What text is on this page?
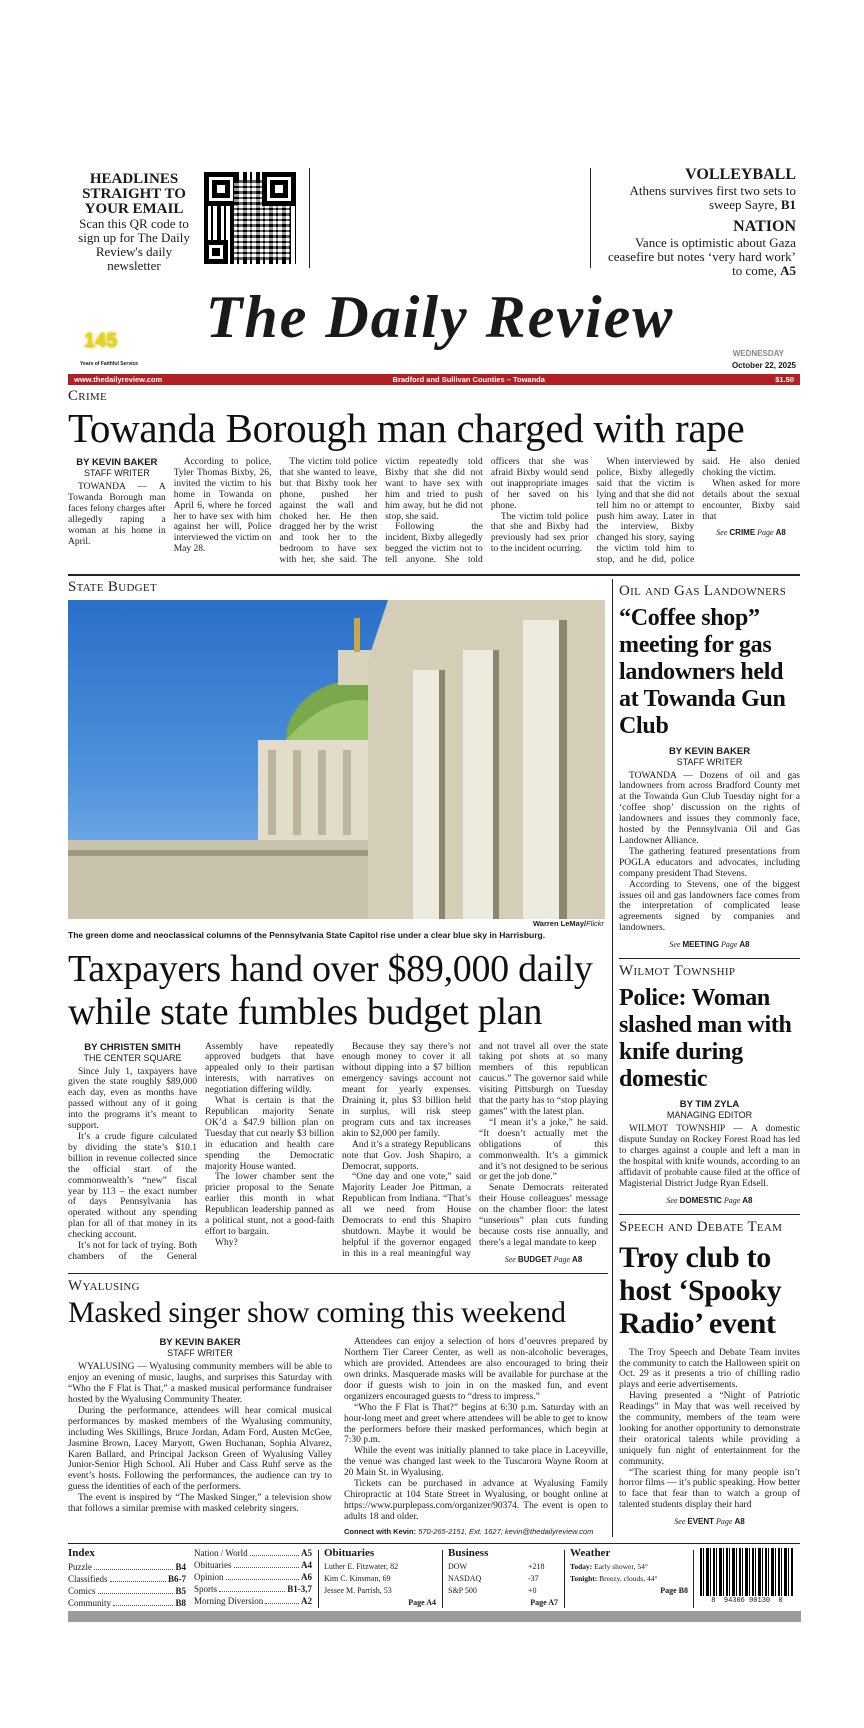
HEADLINES STRAIGHT TO YOUR EMAIL
Scan this QR code to sign up for The Daily Review's daily newsletter
VOLLEYBALL
Athens survives first two sets to sweep Sayre, B1
NATION
Vance is optimistic about Gaza ceasefire but notes ‘very hard work’ to come, A5
145
Years of Faithful Service
The Daily Review
WEDNESDAY
October 22, 2025
www.thedailyreview.com	Bradford and Sullivan Counties – Towanda	$1.50
Crime
Towanda Borough man charged with rape
BY KEVIN BAKER
STAFF WRITER

TOWANDA — A Towanda Borough man faces felony charges after allegedly raping a woman at his home in April.

According to police, Tyler Thomas Bixby, 26, invited the victim to his home in Towanda on April 6, where he forced her to have sex with him against her will, Police interviewed the victim on May 28.

The victim told police that she wanted to leave, but that Bixby took her phone, pushed her against the wall and choked her. He then dragged her by the wrist and took her to the bedroom to have sex with her, she said. The victim repeatedly told Bixby that she did not want to have sex with him and tried to push him away, but he did not stop, she said.

Following the incident, Bixby allegedly begged the victim not to tell anyone. She told officers that she was afraid Bixby would send out inappropriate images of her saved on his phone.

The victim told police that she and Bixby had previously had sex prior to the incident ocurring.

When interviewed by police, Bixby allegedly said that the victim is lying and that she did not tell him no or attempt to push him away. Later in the interview, Bixby changed his story, saying the victim told him to stop, and he did, police said. He also denied choking the victim.

When asked for more details about the sexual encounter, Bixby said that

See CRIME Page A8
State Budget
Warren LeMay/Flickr
The green dome and neoclassical columns of the Pennsylvania State Capitol rise under a clear blue sky in Harrisburg.
Taxpayers hand over $89,000 daily while state fumbles budget plan
BY CHRISTEN SMITH
THE CENTER SQUARE

Since July 1, taxpayers have given the state roughly $89,000 each day, even as months have passed without any of it going into the programs it’s meant to support.

It’s a crude figure calculated by dividing the state’s $10.1 billion in revenue collected since the official start of the commonwealth’s “new” fiscal year by 113 – the exact number of days Pennsylvania has operated without any spending plan for all of that money in its checking account.

It’s not for lack of trying. Both chambers of the General Assembly have repeatedly approved budgets that have appealed only to their partisan interests, with narratives on negotiation differing wildly.

What is certain is that the Republican majority Senate OK’d a $47.9 billion plan on Tuesday that cut nearly $3 billion in education and health care spending the Democratic majority House wanted.

The lower chamber sent the pricier proposal to the Senate earlier this month in what Republican leadership panned as a political stunt, not a good-faith effort to bargain.

Why?

Because they say there’s not enough money to cover it all without dipping into a $7 billion emergency savings account not meant for yearly expenses. Draining it, plus $3 billion held in surplus, will risk steep program cuts and tax increases akin to $2,000 per family.

And it’s a strategy Republicans note that Gov. Josh Shapiro, a Democrat, supports.

“One day and one vote,” said Majority Leader Joe Pittman, a Republican from Indiana. “That’s all we need from House Democrats to end this Shapiro shutdown. Maybe it would be helpful if the governor engaged in this in a real meaningful way and not travel all over the state taking pot shots at so many members of this republican caucus.” The governor said while visiting Pittsburgh on Tuesday that the party has to “stop playing games” with the latest plan.

“I mean it’s a joke,” he said. “It doesn’t actually met the obligations of this commonwealth. It’s a gimmick and it’s not designed to be serious or get the job done.”

Senate Democrats reiterated their House colleagues’ message on the chamber floor: the latest “unserious” plan cuts funding because costs rise annually, and there’s a legal mandate to keep

See BUDGET Page A8
Wyalusing
Masked singer show coming this weekend
BY KEVIN BAKER
STAFF WRITER

WYALUSING — Wyalusing community members will be able to enjoy an evening of music, laughs, and surprises this Saturday with “Who the F Flat is That,” a masked musical performance fundraiser hosted by the Wyalusing Community Theater.

During the performance, attendees will hear comical musical performances by masked members of the Wyalusing community, including Wes Skillings, Bruce Jordan, Adam Ford, Austen McGee, Jasmine Brown, Lacey Maryott, Gwen Buchanan, Sophia Alvarez, Karen Ballard, and Principal Jackson Green of Wyalusing Valley Junior-Senior High School. Ali Huber and Cass Ruhf serve as the event’s hosts. Following the performances, the audience can try to guess the identities of each of the performers.

The event is inspired by “The Masked Singer,” a television show that follows a similar premise with masked celebrity singers.

Attendees can enjoy a selection of hors d’oeuvres prepared by Northern Tier Career Center, as well as non-alcoholic beverages, which are provided. Attendees are also encouraged to bring their own drinks. Masquerade masks will be available for purchase at the door if guests wish to join in on the masked fun, and event organizers encouraged guests to “dress to impress.”

“Who the F Flat is That?” begins at 6:30 p.m. Saturday with an hour-long meet and greet where attendees will be able to get to know the performers before their masked performances, which begin at 7:30 p.m.

While the event was initially planned to take place in Laceyville, the venue was changed last week to the Tuscarora Wayne Room at 20 Main St. in Wyalusing.

Tickets can be purchased in advance at Wyalusing Family Chiropractic at 104 State Street in Wyalusing, or bought online at https://www.purplepass.com/organizer/90374. The event is open to adults 18 and older.

Connect with Kevin: 570-265-2151, Ext. 1627; kevin@thedailyreview.com
Oil and Gas Landowners
“Coffee shop” meeting for gas landowners held at Towanda Gun Club
BY KEVIN BAKER
STAFF WRITER

TOWANDA — Dozens of oil and gas landowners from across Bradford County met at the Towanda Gun Club Tuesday night for a ‘coffee shop’ discussion on the rights of landowners and issues they commonly face, hosted by the Pennsylvania Oil and Gas Landowner Alliance.

The gathering featured presentations from POGLA educators and advocates, including company president Thad Stevens.

According to Stevens, one of the biggest issues oil and gas landowners face comes from the interpretation of complicated lease agreements signed by companies and landowners.

See MEETING Page A8
Wilmot Township
Police: Woman slashed man with knife during domestic
BY TIM ZYLA
MANAGING EDITOR

WILMOT TOWNSHIP — A domestic dispute Sunday on Rockey Forest Road has led to charges against a couple and left a man in the hospital with knife wounds, according to an affidavit of probable cause filed at the office of Magisterial District Judge Ryan Edsell.

See DOMESTIC Page A8
Speech and Debate Team
Troy club to host ‘Spooky Radio’ event

The Troy Speech and Debate Team invites the community to catch the Halloween spirit on Oct. 29 as it presents a trio of chilling radio plays and eerie advertisements.

Having presented a “Night of Patriotic Readings” in May that was well received by the community, members of the team were looking for another opportunity to demonstrate their oratorical talents while providing a uniquely fun night of entertainment for the community.

“The scariest thing for many people isn’t horror films — it’s public speaking. How better to face that fear than to watch a group of talented students display their hard

See EVENT Page A8
Index
Puzzle	B4
Classifieds	B6-7
Comics	B5
Community	B8
Nation / World	A5
Obituaries	A4
Opinion	A6
Sports	B1-3,7
Morning Diversion	A2
Obituaries
Luther E. Fitzwater, 82
Kim C. Kinsman, 69
Jessee M. Parrish, 53
Page A4
Business
DOW	+218
NASDAQ	-37
S&P 500	+0
Page A7
Weather
Today: Early shower, 54°
Tonight: Breezy, clouds, 44°
Page B8
8  94306 00130  0
